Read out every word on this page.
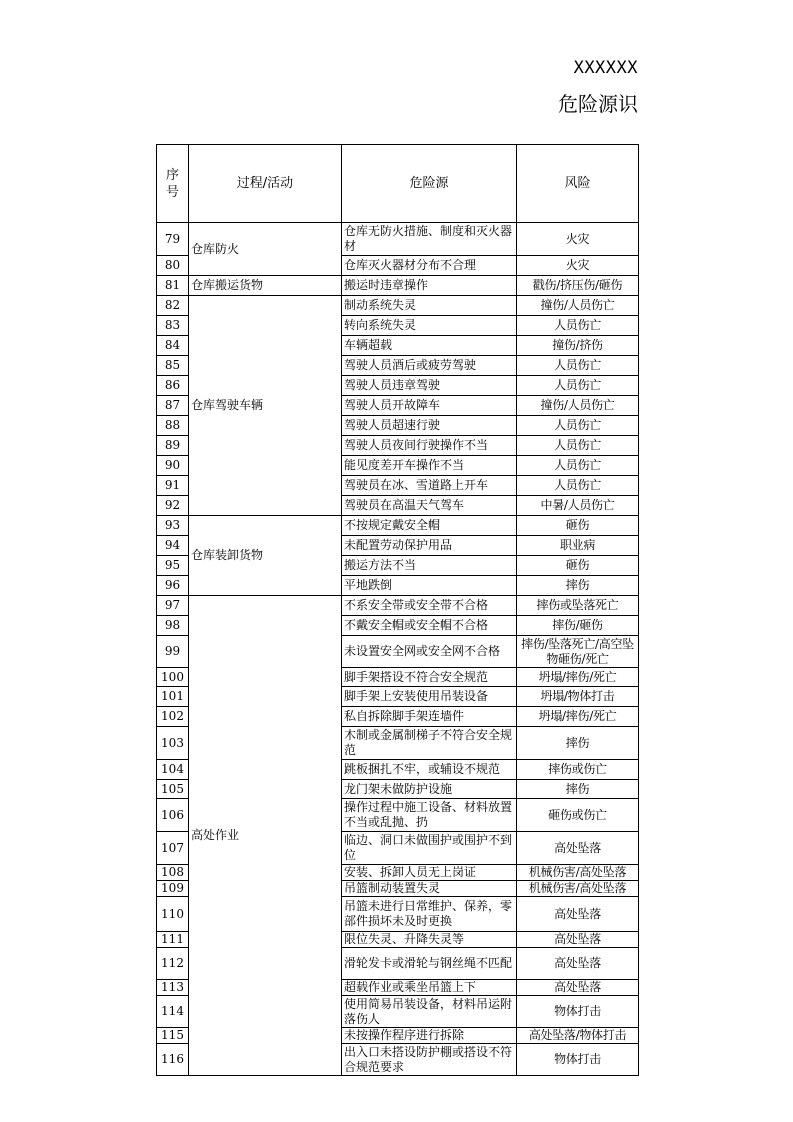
XXXXXX
危险源识
序号	过程/活动	危险源	风险
79	仓库防火	仓库无防火措施、制度和灭火器材	火灾
80		仓库灭火器材分布不合理	火灾
81	仓库搬运货物	搬运时违章操作	戳伤/挤压伤/砸伤
82	仓库驾驶车辆	制动系统失灵	撞伤/人员伤亡
83		转向系统失灵	人员伤亡
84		车辆超载	撞伤/挤伤
85		驾驶人员酒后或疲劳驾驶	人员伤亡
86		驾驶人员违章驾驶	人员伤亡
87		驾驶人员开故障车	撞伤/人员伤亡
88		驾驶人员超速行驶	人员伤亡
89		驾驶人员夜间行驶操作不当	人员伤亡
90		能见度差开车操作不当	人员伤亡
91		驾驶员在冰、雪道路上开车	人员伤亡
92		驾驶员在高温天气驾车	中暑/人员伤亡
93	仓库装卸货物	不按规定戴安全帽	砸伤
94		未配置劳动保护用品	职业病
95		搬运方法不当	砸伤
96		平地跌倒	摔伤
97	高处作业	不系安全带或安全带不合格	摔伤或坠落死亡
98		不戴安全帽或安全帽不合格	摔伤/砸伤
99		未设置安全网或安全网不合格	摔伤/坠落死亡/高空坠物砸伤/死亡
100		脚手架搭设不符合安全规范	坍塌/摔伤/死亡
101		脚手架上安装使用吊装设备	坍塌/物体打击
102		私自拆除脚手架连墙件	坍塌/摔伤/死亡
103		木制或金属制梯子不符合安全规范	摔伤
104		跳板捆扎不牢，或辅设不规范	摔伤或伤亡
105		龙门架未做防护设施	摔伤
106		操作过程中施工设备、材料放置不当或乱抛、扔	砸伤或伤亡
107		临边、洞口未做围护或围护不到位	高处坠落
108		安装、拆卸人员无上岗证	机械伤害/高处坠落
109		吊篮制动装置失灵	机械伤害/高处坠落
110		吊篮未进行日常维护、保养，零部件损坏未及时更换	高处坠落
111		限位失灵、升降失灵等	高处坠落
112		滑轮发卡或滑轮与钢丝绳不匹配	高处坠落
113		超载作业或乘坐吊篮上下	高处坠落
114		使用简易吊装设备，材料吊运附落伤人	物体打击
115		未按操作程序进行拆除	高处坠落/物体打击
116		出入口未搭设防护棚或搭设不符合规范要求	物体打击
